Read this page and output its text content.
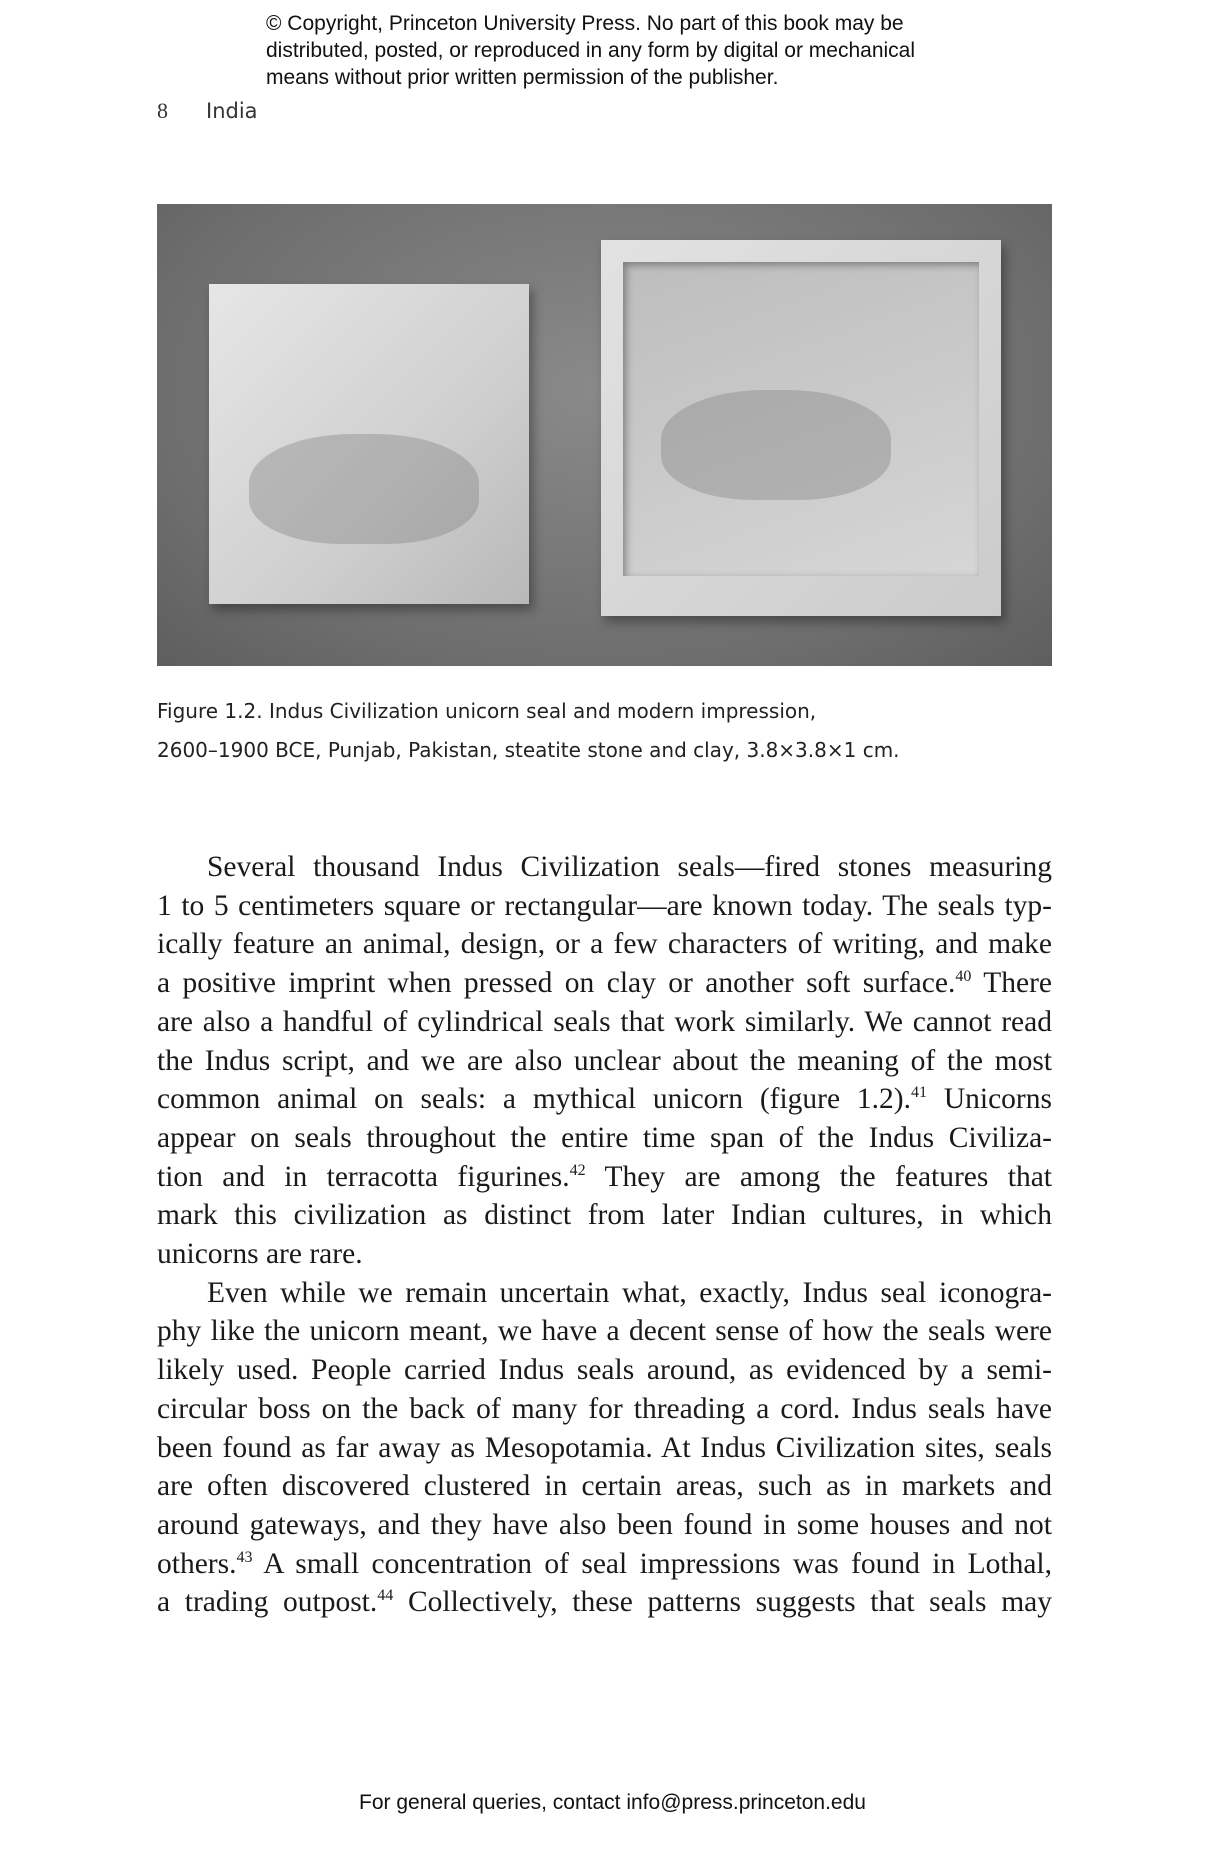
© Copyright, Princeton University Press. No part of this book may be
distributed, posted, or reproduced in any form by digital or mechanical
means without prior written permission of the publisher.
8 India
Figure 1.2. Indus Civilization unicorn seal and modern impression,
2600–1900 BCE, Punjab, Pakistan, steatite stone and clay, 3.8×3.8×1 cm.
Several thousand Indus Civilization seals—fired stones measuring
1 to 5 centimeters square or rectangular—are known today. The seals typ-
ically feature an animal, design, or a few characters of writing, and make
a positive imprint when pressed on clay or another soft surface.$^{40}$ There
are also a handful of cylindrical seals that work similarly. We cannot read
the Indus script, and we are also unclear about the meaning of the most
common animal on seals: a mythical unicorn (figure 1.2).$^{41}$ Unicorns
appear on seals throughout the entire time span of the Indus Civiliza-
tion and in terracotta figurines.$^{42}$ They are among the features that
mark this civilization as distinct from later Indian cultures, in which
unicorns are rare.
Even while we remain uncertain what, exactly, Indus seal iconogra-
phy like the unicorn meant, we have a decent sense of how the seals were
likely used. People carried Indus seals around, as evidenced by a semi-
circular boss on the back of many for threading a cord. Indus seals have
been found as far away as Mesopotamia. At Indus Civilization sites, seals
are often discovered clustered in certain areas, such as in markets and
around gateways, and they have also been found in some houses and not
others.$^{43}$ A small concentration of seal impressions was found in Lothal,
a trading outpost.$^{44}$ Collectively, these patterns suggests that seals may
For general queries, contact info@press.princeton.edu
